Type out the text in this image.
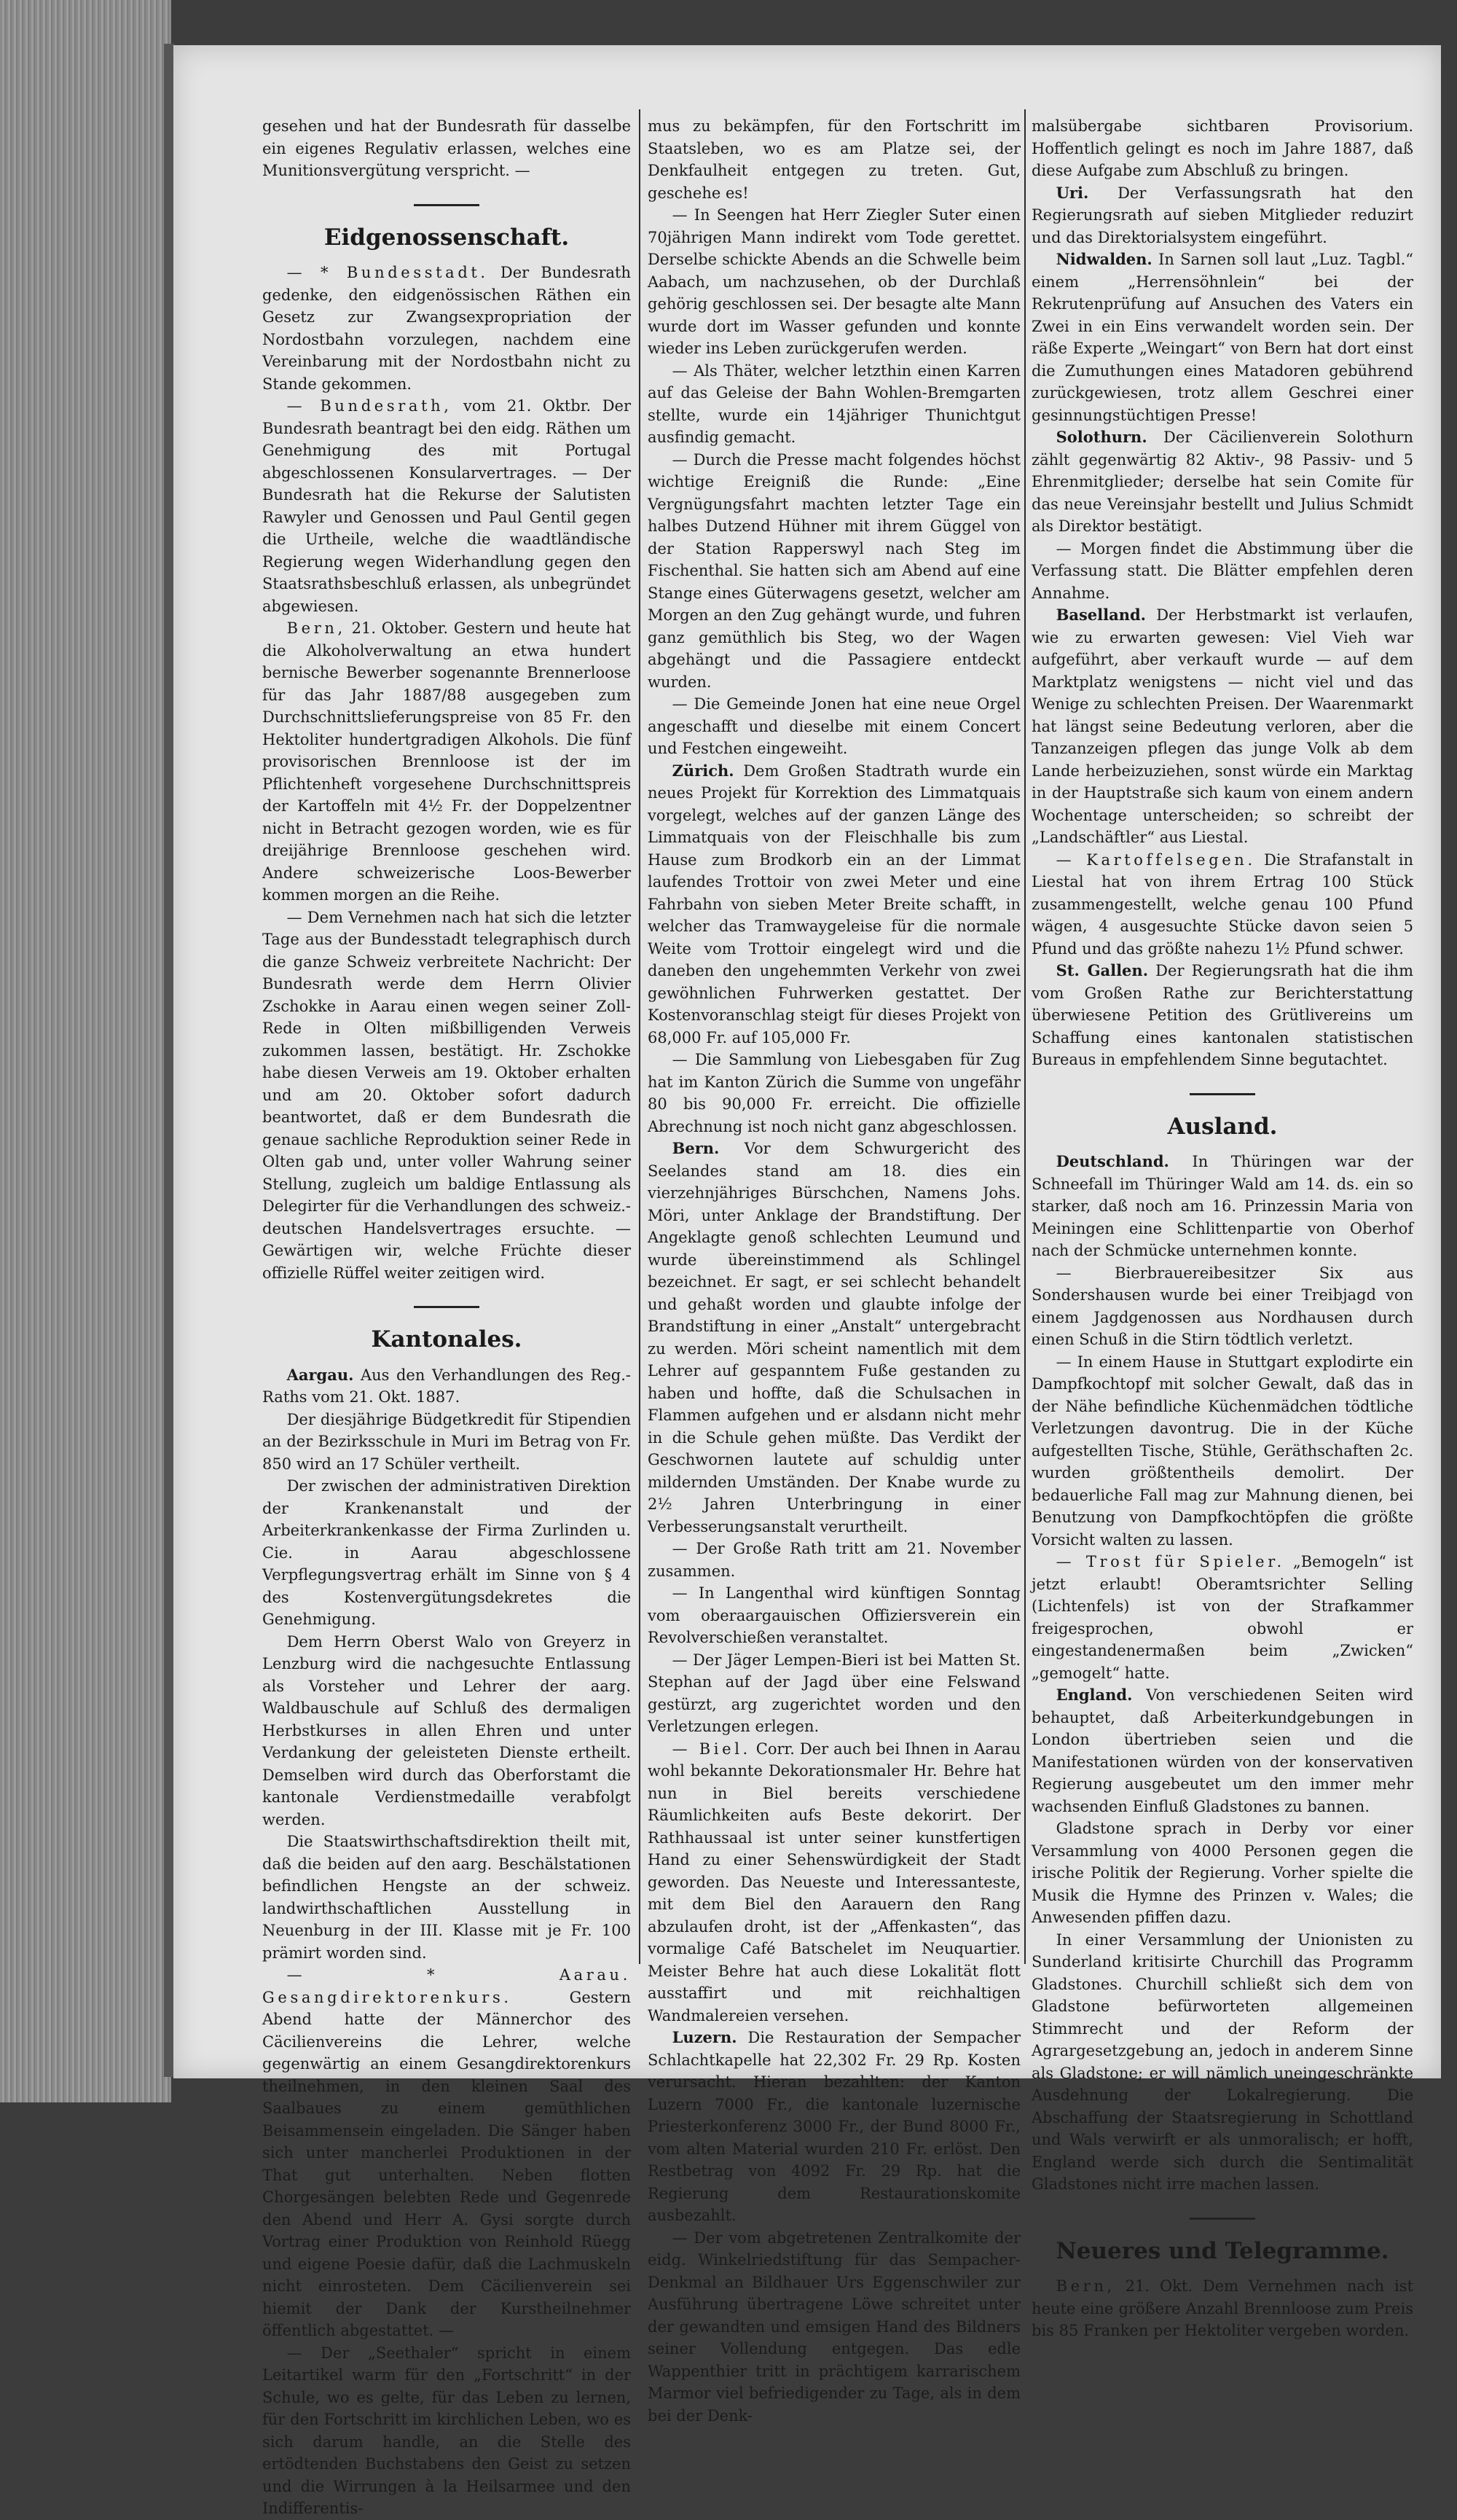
gesehen und hat der Bundesrath für dasselbe ein eigenes Regulativ erlassen, welches eine Munitionsvergütung verspricht. —

Eidgenossenschaft.

— * Bundesstadt. Der Bundesrath gedenke, den eidgenössischen Räthen ein Gesetz zur Zwangsexpropriation der Nordostbahn vorzulegen, nachdem eine Vereinbarung mit der Nordostbahn nicht zu Stande gekommen.

— Bundesrath, vom 21. Oktbr. Der Bundesrath beantragt bei den eidg. Räthen um Genehmigung des mit Portugal abgeschlossenen Konsularvertrages. — Der Bundesrath hat die Rekurse der Salutisten Rawyler und Genossen und Paul Gentil gegen die Urtheile, welche die waadtländische Regierung wegen Widerhandlung gegen den Staatsrathsbeschluß erlassen, als unbegründet abgewiesen.

Bern, 21. Oktober. Gestern und heute hat die Alkoholverwaltung an etwa hundert bernische Bewerber sogenannte Brennerloose für das Jahr 1887/88 ausgegeben zum Durchschnittslieferungspreise von 85 Fr. den Hektoliter hundertgradigen Alkohols. Die fünf provisorischen Brennloose ist der im Pflichtenheft vorgesehene Durchschnittspreis der Kartoffeln mit 4½ Fr. der Doppelzentner nicht in Betracht gezogen worden, wie es für dreijährige Brennloose geschehen wird. Andere schweizerische Loos-Bewerber kommen morgen an die Reihe.

— Dem Vernehmen nach hat sich die letzter Tage aus der Bundesstadt telegraphisch durch die ganze Schweiz verbreitete Nachricht: Der Bundesrath werde dem Herrn Olivier Zschokke in Aarau einen wegen seiner Zoll-Rede in Olten mißbilligenden Verweis zukommen lassen, bestätigt. Hr. Zschokke habe diesen Verweis am 19. Oktober erhalten und am 20. Oktober sofort dadurch beantwortet, daß er dem Bundesrath die genaue sachliche Reproduktion seiner Rede in Olten gab und, unter voller Wahrung seiner Stellung, zugleich um baldige Entlassung als Delegirter für die Verhandlungen des schweiz.-deutschen Handelsvertrages ersuchte. — Gewärtigen wir, welche Früchte dieser offizielle Rüffel weiter zeitigen wird.

Kantonales.

Aargau. Aus den Verhandlungen des Reg.-Raths vom 21. Okt. 1887.

Der diesjährige Büdgetkredit für Stipendien an der Bezirksschule in Muri im Betrag von Fr. 850 wird an 17 Schüler vertheilt.

Der zwischen der administrativen Direktion der Krankenanstalt und der Arbeiterkrankenkasse der Firma Zurlinden u. Cie. in Aarau abgeschlossene Verpflegungsvertrag erhält im Sinne von § 4 des Kostenvergütungsdekretes die Genehmigung.

Dem Herrn Oberst Walo von Greyerz in Lenzburg wird die nachgesuchte Entlassung als Vorsteher und Lehrer der aarg. Waldbauschule auf Schluß des dermaligen Herbstkurses in allen Ehren und unter Verdankung der geleisteten Dienste ertheilt. Demselben wird durch das Oberforstamt die kantonale Verdienstmedaille verabfolgt werden.

Die Staatswirthschaftsdirektion theilt mit, daß die beiden auf den aarg. Beschälstationen befindlichen Hengste an der schweiz. landwirthschaftlichen Ausstellung in Neuenburg in der III. Klasse mit je Fr. 100 prämirt worden sind.

— * Aarau. Gesangdirektorenkurs. Gestern Abend hatte der Männerchor des Cäcilienvereins die Lehrer, welche gegenwärtig an einem Gesangdirektorenkurs theilnehmen, in den kleinen Saal des Saalbaues zu einem gemüthlichen Beisammensein eingeladen. Die Sänger haben sich unter mancherlei Produktionen in der That gut unterhalten. Neben flotten Chorgesängen belebten Rede und Gegenrede den Abend und Herr A. Gysi sorgte durch Vortrag einer Produktion von Reinhold Rüegg und eigene Poesie dafür, daß die Lachmuskeln nicht einrosteten. Dem Cäcilienverein sei hiemit der Dank der Kurstheilnehmer öffentlich abgestattet. —

— Der „Seethaler“ spricht in einem Leitartikel warm für den „Fortschritt“ in der Schule, wo es gelte, für das Leben zu lernen, für den Fortschritt im kirchlichen Leben, wo es sich darum handle, an die Stelle des ertödtenden Buchstabens den Geist zu setzen und die Wirrungen à la Heilsarmee und den Indifferentis-

mus zu bekämpfen, für den Fortschritt im Staatsleben, wo es am Platze sei, der Denkfaulheit entgegen zu treten. Gut, geschehe es!

— In Seengen hat Herr Ziegler Suter einen 70jährigen Mann indirekt vom Tode gerettet. Derselbe schickte Abends an die Schwelle beim Aabach, um nachzusehen, ob der Durchlaß gehörig geschlossen sei. Der besagte alte Mann wurde dort im Wasser gefunden und konnte wieder ins Leben zurückgerufen werden.

— Als Thäter, welcher letzthin einen Karren auf das Geleise der Bahn Wohlen-Bremgarten stellte, wurde ein 14jähriger Thunichtgut ausfindig gemacht.

— Durch die Presse macht folgendes höchst wichtige Ereigniß die Runde: „Eine Vergnügungsfahrt machten letzter Tage ein halbes Dutzend Hühner mit ihrem Güggel von der Station Rapperswyl nach Steg im Fischenthal. Sie hatten sich am Abend auf eine Stange eines Güterwagens gesetzt, welcher am Morgen an den Zug gehängt wurde, und fuhren ganz gemüthlich bis Steg, wo der Wagen abgehängt und die Passagiere entdeckt wurden.

— Die Gemeinde Jonen hat eine neue Orgel angeschafft und dieselbe mit einem Concert und Festchen eingeweiht.

Zürich. Dem Großen Stadtrath wurde ein neues Projekt für Korrektion des Limmatquais vorgelegt, welches auf der ganzen Länge des Limmatquais von der Fleischhalle bis zum Hause zum Brodkorb ein an der Limmat laufendes Trottoir von zwei Meter und eine Fahrbahn von sieben Meter Breite schafft, in welcher das Tramwaygeleise für die normale Weite vom Trottoir eingelegt wird und die daneben den ungehemmten Verkehr von zwei gewöhnlichen Fuhrwerken gestattet. Der Kostenvoranschlag steigt für dieses Projekt von 68,000 Fr. auf 105,000 Fr.

— Die Sammlung von Liebesgaben für Zug hat im Kanton Zürich die Summe von ungefähr 80 bis 90,000 Fr. erreicht. Die offizielle Abrechnung ist noch nicht ganz abgeschlossen.

Bern. Vor dem Schwurgericht des Seelandes stand am 18. dies ein vierzehnjähriges Bürschchen, Namens Johs. Möri, unter Anklage der Brandstiftung. Der Angeklagte genoß schlechten Leumund und wurde übereinstimmend als Schlingel bezeichnet. Er sagt, er sei schlecht behandelt und gehaßt worden und glaubte infolge der Brandstiftung in einer „Anstalt“ untergebracht zu werden. Möri scheint namentlich mit dem Lehrer auf gespanntem Fuße gestanden zu haben und hoffte, daß die Schulsachen in Flammen aufgehen und er alsdann nicht mehr in die Schule gehen müßte. Das Verdikt der Geschwornen lautete auf schuldig unter mildernden Umständen. Der Knabe wurde zu 2½ Jahren Unterbringung in einer Verbesserungsanstalt verurtheilt.

— Der Große Rath tritt am 21. November zusammen.

— In Langenthal wird künftigen Sonntag vom oberaargauischen Offiziersverein ein Revolverschießen veranstaltet.

— Der Jäger Lempen-Bieri ist bei Matten St. Stephan auf der Jagd über eine Felswand gestürzt, arg zugerichtet worden und den Verletzungen erlegen.

— Biel. Corr. Der auch bei Ihnen in Aarau wohl bekannte Dekorationsmaler Hr. Behre hat nun in Biel bereits verschiedene Räumlichkeiten aufs Beste dekorirt. Der Rathhaussaal ist unter seiner kunstfertigen Hand zu einer Sehenswürdigkeit der Stadt geworden. Das Neueste und Interessanteste, mit dem Biel den Aarauern den Rang abzulaufen droht, ist der „Affenkasten“, das vormalige Café Batschelet im Neuquartier. Meister Behre hat auch diese Lokalität flott ausstaffirt und mit reichhaltigen Wandmalereien versehen.

Luzern. Die Restauration der Sempacher Schlachtkapelle hat 22,302 Fr. 29 Rp. Kosten verursacht. Hieran bezahlten: der Kanton Luzern 7000 Fr., die kantonale luzernische Priesterkonferenz 3000 Fr., der Bund 8000 Fr., vom alten Material wurden 210 Fr. erlöst. Den Restbetrag von 4092 Fr. 29 Rp. hat die Regierung dem Restaurationskomite ausbezahlt.

— Der vom abgetretenen Zentralkomite der eidg. Winkelriedstiftung für das Sempacher-Denkmal an Bildhauer Urs Eggenschwiler zur Ausführung übertragene Löwe schreitet unter der gewandten und emsigen Hand des Bildners seiner Vollendung entgegen. Das edle Wappenthier tritt in prächtigem karrarischem Marmor viel befriedigender zu Tage, als in dem bei der Denk-

malsübergabe sichtbaren Provisorium. Hoffentlich gelingt es noch im Jahre 1887, daß diese Aufgabe zum Abschluß zu bringen.

Uri. Der Verfassungsrath hat den Regierungsrath auf sieben Mitglieder reduzirt und das Direktorialsystem eingeführt.

Nidwalden. In Sarnen soll laut „Luz. Tagbl.“ einem „Herrensöhnlein“ bei der Rekrutenprüfung auf Ansuchen des Vaters ein Zwei in ein Eins verwandelt worden sein. Der räße Experte „Weingart“ von Bern hat dort einst die Zumuthungen eines Matadoren gebührend zurückgewiesen, trotz allem Geschrei einer gesinnungstüchtigen Presse!

Solothurn. Der Cäcilienverein Solothurn zählt gegenwärtig 82 Aktiv-, 98 Passiv- und 5 Ehrenmitglieder; derselbe hat sein Comite für das neue Vereinsjahr bestellt und Julius Schmidt als Direktor bestätigt.

— Morgen findet die Abstimmung über die Verfassung statt. Die Blätter empfehlen deren Annahme.

Baselland. Der Herbstmarkt ist verlaufen, wie zu erwarten gewesen: Viel Vieh war aufgeführt, aber verkauft wurde — auf dem Marktplatz wenigstens — nicht viel und das Wenige zu schlechten Preisen. Der Waarenmarkt hat längst seine Bedeutung verloren, aber die Tanzanzeigen pflegen das junge Volk ab dem Lande herbeizuziehen, sonst würde ein Marktag in der Hauptstraße sich kaum von einem andern Wochentage unterscheiden; so schreibt der „Landschäftler“ aus Liestal.

— Kartoffelsegen. Die Strafanstalt in Liestal hat von ihrem Ertrag 100 Stück zusammengestellt, welche genau 100 Pfund wägen, 4 ausgesuchte Stücke davon seien 5 Pfund und das größte nahezu 1½ Pfund schwer.

St. Gallen. Der Regierungsrath hat die ihm vom Großen Rathe zur Berichterstattung überwiesene Petition des Grütlivereins um Schaffung eines kantonalen statistischen Bureaus in empfehlendem Sinne begutachtet.

Ausland.

Deutschland. In Thüringen war der Schneefall im Thüringer Wald am 14. ds. ein so starker, daß noch am 16. Prinzessin Maria von Meiningen eine Schlittenpartie von Oberhof nach der Schmücke unternehmen konnte.

— Bierbrauereibesitzer Six aus Sondershausen wurde bei einer Treibjagd von einem Jagdgenossen aus Nordhausen durch einen Schuß in die Stirn tödtlich verletzt.

— In einem Hause in Stuttgart explodirte ein Dampfkochtopf mit solcher Gewalt, daß das in der Nähe befindliche Küchenmädchen tödtliche Verletzungen davontrug. Die in der Küche aufgestellten Tische, Stühle, Geräthschaften 2c. wurden größtentheils demolirt. Der bedauerliche Fall mag zur Mahnung dienen, bei Benutzung von Dampfkochtöpfen die größte Vorsicht walten zu lassen.

— Trost für Spieler. „Bemogeln“ ist jetzt erlaubt! Oberamtsrichter Selling (Lichtenfels) ist von der Strafkammer freigesprochen, obwohl er eingestandenermaßen beim „Zwicken“ „gemogelt“ hatte.

England. Von verschiedenen Seiten wird behauptet, daß Arbeiterkundgebungen in London übertrieben seien und die Manifestationen würden von der konservativen Regierung ausgebeutet um den immer mehr wachsenden Einfluß Gladstones zu bannen.

Gladstone sprach in Derby vor einer Versammlung von 4000 Personen gegen die irische Politik der Regierung. Vorher spielte die Musik die Hymne des Prinzen v. Wales; die Anwesenden pfiffen dazu.

In einer Versammlung der Unionisten zu Sunderland kritisirte Churchill das Programm Gladstones. Churchill schließt sich dem von Gladstone befürworteten allgemeinen Stimmrecht und der Reform der Agrargesetzgebung an, jedoch in anderem Sinne als Gladstone; er will nämlich uneingeschränkte Ausdehnung der Lokalregierung. Die Abschaffung der Staatsregierung in Schottland und Wals verwirft er als unmoralisch; er hofft, England werde sich durch die Sentimalität Gladstones nicht irre machen lassen.

Neueres und Telegramme.

Bern, 21. Okt. Dem Vernehmen nach ist heute eine größere Anzahl Brennloose zum Preis bis 85 Franken per Hektoliter vergeben worden.
